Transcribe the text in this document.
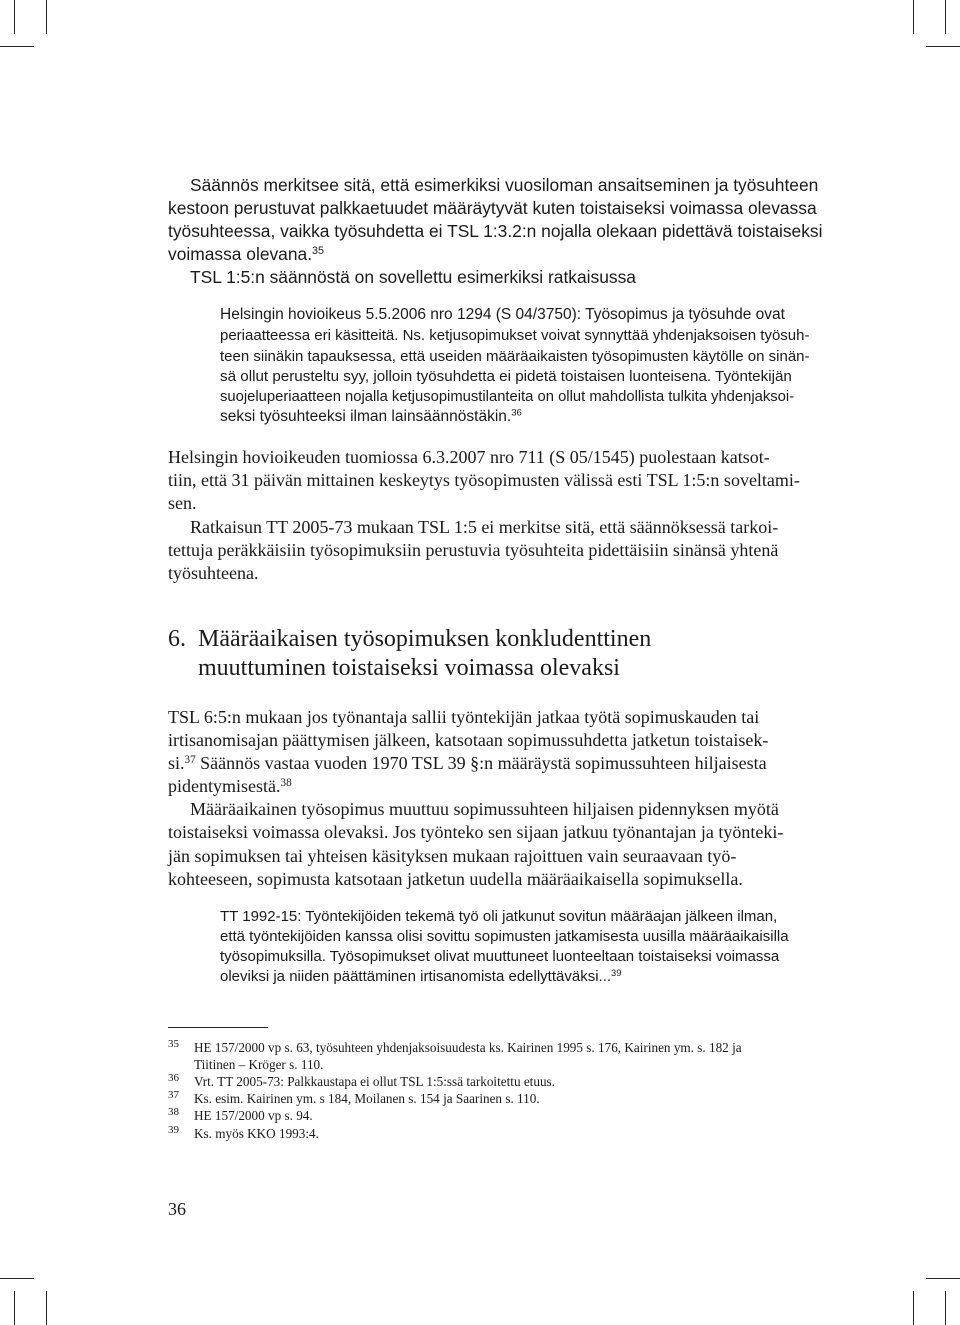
Säännös merkitsee sitä, että esimerkiksi vuosiloman ansaitseminen ja työsuhteen

kestoon perustuvat palkkaetuudet määräytyvät kuten toistaiseksi voimassa olevassa

työsuhteessa, vaikka työsuhdetta ei TSL 1:3.2:n nojalla olekaan pidettävä toistaiseksi

voimassa olevana.$^{35}$

TSL 1:5:n säännöstä on sovellettu esimerkiksi ratkaisussa

Helsingin hovioikeus 5.5.2006 nro 1294 (S 04/3750): Työsopimus ja työsuhde ovat

periaatteessa eri käsitteitä. Ns. ketjusopimukset voivat synnyttää yhdenjaksoisen työsuh-

teen siinäkin tapauksessa, että useiden määräaikaisten työsopimusten käytölle on sinän-

sä ollut perusteltu syy, jolloin työsuhdetta ei pidetä toistaisen luonteisena. Työntekijän

suojeluperiaatteen nojalla ketjusopimustilanteita on ollut mahdollista tulkita yhdenjaksoi-

seksi työsuhteeksi ilman lainsäännöstäkin.$^{36}$

Helsingin hovioikeuden tuomiossa 6.3.2007 nro 711 (S 05/1545) puolestaan katsot-

tiin, että 31 päivän mittainen keskeytys työsopimusten välissä esti TSL 1:5:n soveltami-

sen.

Ratkaisun TT 2005-73 mukaan TSL 1:5 ei merkitse sitä, että säännöksessä tarkoi-

tettuja peräkkäisiin työsopimuksiin perustuvia työsuhteita pidettäisiin sinänsä yhtenä

työsuhteena.

6. Määräaikaisen työsopimuksen konkludenttinen

muuttuminen toistaiseksi voimassa olevaksi

TSL 6:5:n mukaan jos työnantaja sallii työntekijän jatkaa työtä sopimuskauden tai

irtisanomisajan päättymisen jälkeen, katsotaan sopimussuhdetta jatketun toistaisek-

si.$^{37}$ Säännös vastaa vuoden 1970 TSL 39 §:n määräystä sopimussuhteen hiljaisesta

pidentymisestä.$^{38}$

Määräaikainen työsopimus muuttuu sopimussuhteen hiljaisen pidennyksen myötä

toistaiseksi voimassa olevaksi. Jos työnteko sen sijaan jatkuu työnantajan ja työnteki-

jän sopimuksen tai yhteisen käsityksen mukaan rajoittuen vain seuraavaan työ-

kohteeseen, sopimusta katsotaan jatketun uudella määräaikaisella sopimuksella.

TT 1992-15: Työntekijöiden tekemä työ oli jatkunut sovitun määräajan jälkeen ilman,

että työntekijöiden kanssa olisi sovittu sopimusten jatkamisesta uusilla määräaikaisilla

työsopimuksilla. Työsopimukset olivat muuttuneet luonteeltaan toistaiseksi voimassa

oleviksi ja niiden päättäminen irtisanomista edellyttäväksi...$^{39}$

35 HE 157/2000 vp s. 63, työsuhteen yhdenjaksoisuudesta ks. Kairinen 1995 s. 176, Kairinen ym. s. 182 ja

Tiitinen – Kröger s. 110.

36 Vrt. TT 2005-73: Palkkaustapa ei ollut TSL 1:5:ssä tarkoitettu etuus.

37 Ks. esim. Kairinen ym. s 184, Moilanen s. 154 ja Saarinen s. 110.

38 HE 157/2000 vp s. 94.

39 Ks. myös KKO 1993:4.

36
